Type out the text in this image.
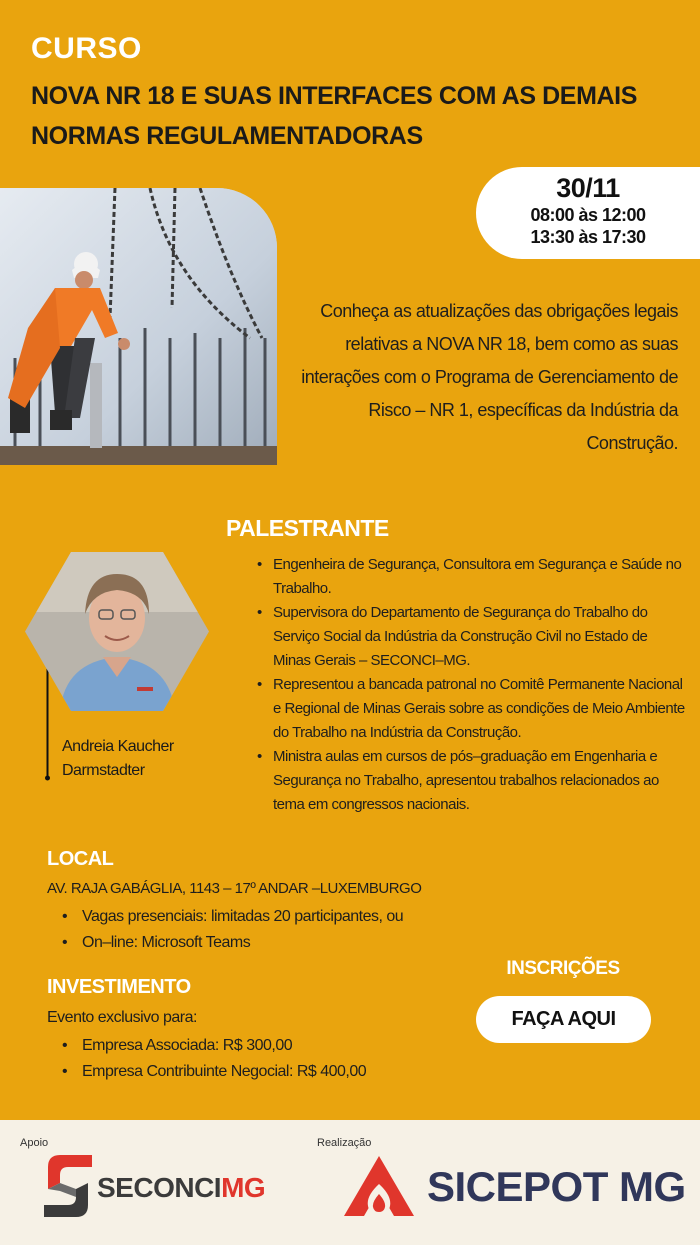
CURSO
NOVA NR 18 E SUAS INTERFACES COM AS DEMAIS NORMAS REGULAMENTADORAS
30/11
08:00 às 12:00
13:30 às 17:30
Conheça as atualizações das obrigações legais relativas a NOVA NR 18, bem como as suas interações com o Programa de Gerenciamento de Risco – NR 1, específicas da Indústria da Construção.
PALESTRANTE
Andreia Kaucher Darmstadter
• Engenheira de Segurança, Consultora em Segurança e Saúde no Trabalho.
• Supervisora do Departamento de Segurança do Trabalho do Serviço Social da Indústria da Construção Civil no Estado de Minas Gerais – SECONCI–MG.
• Representou a bancada patronal no Comitê Permanente Nacional e Regional de Minas Gerais sobre as condições de Meio Ambiente do Trabalho na Indústria da Construção.
• Ministra aulas em cursos de pós–graduação em Engenharia e Segurança no Trabalho, apresentou trabalhos relacionados ao tema em congressos nacionais.
LOCAL
AV. RAJA GABÁGLIA, 1143 – 17º ANDAR –LUXEMBURGO
• Vagas presenciais: limitadas 20 participantes, ou
• On–line: Microsoft Teams
INVESTIMENTO
Evento exclusivo para:
• Empresa Associada: R$ 300,00
• Empresa Contribuinte Negocial: R$ 400,00
INSCRIÇÕES
FAÇA AQUI
Apoio	Realização
SECONCIMG	SICEPOT MG
